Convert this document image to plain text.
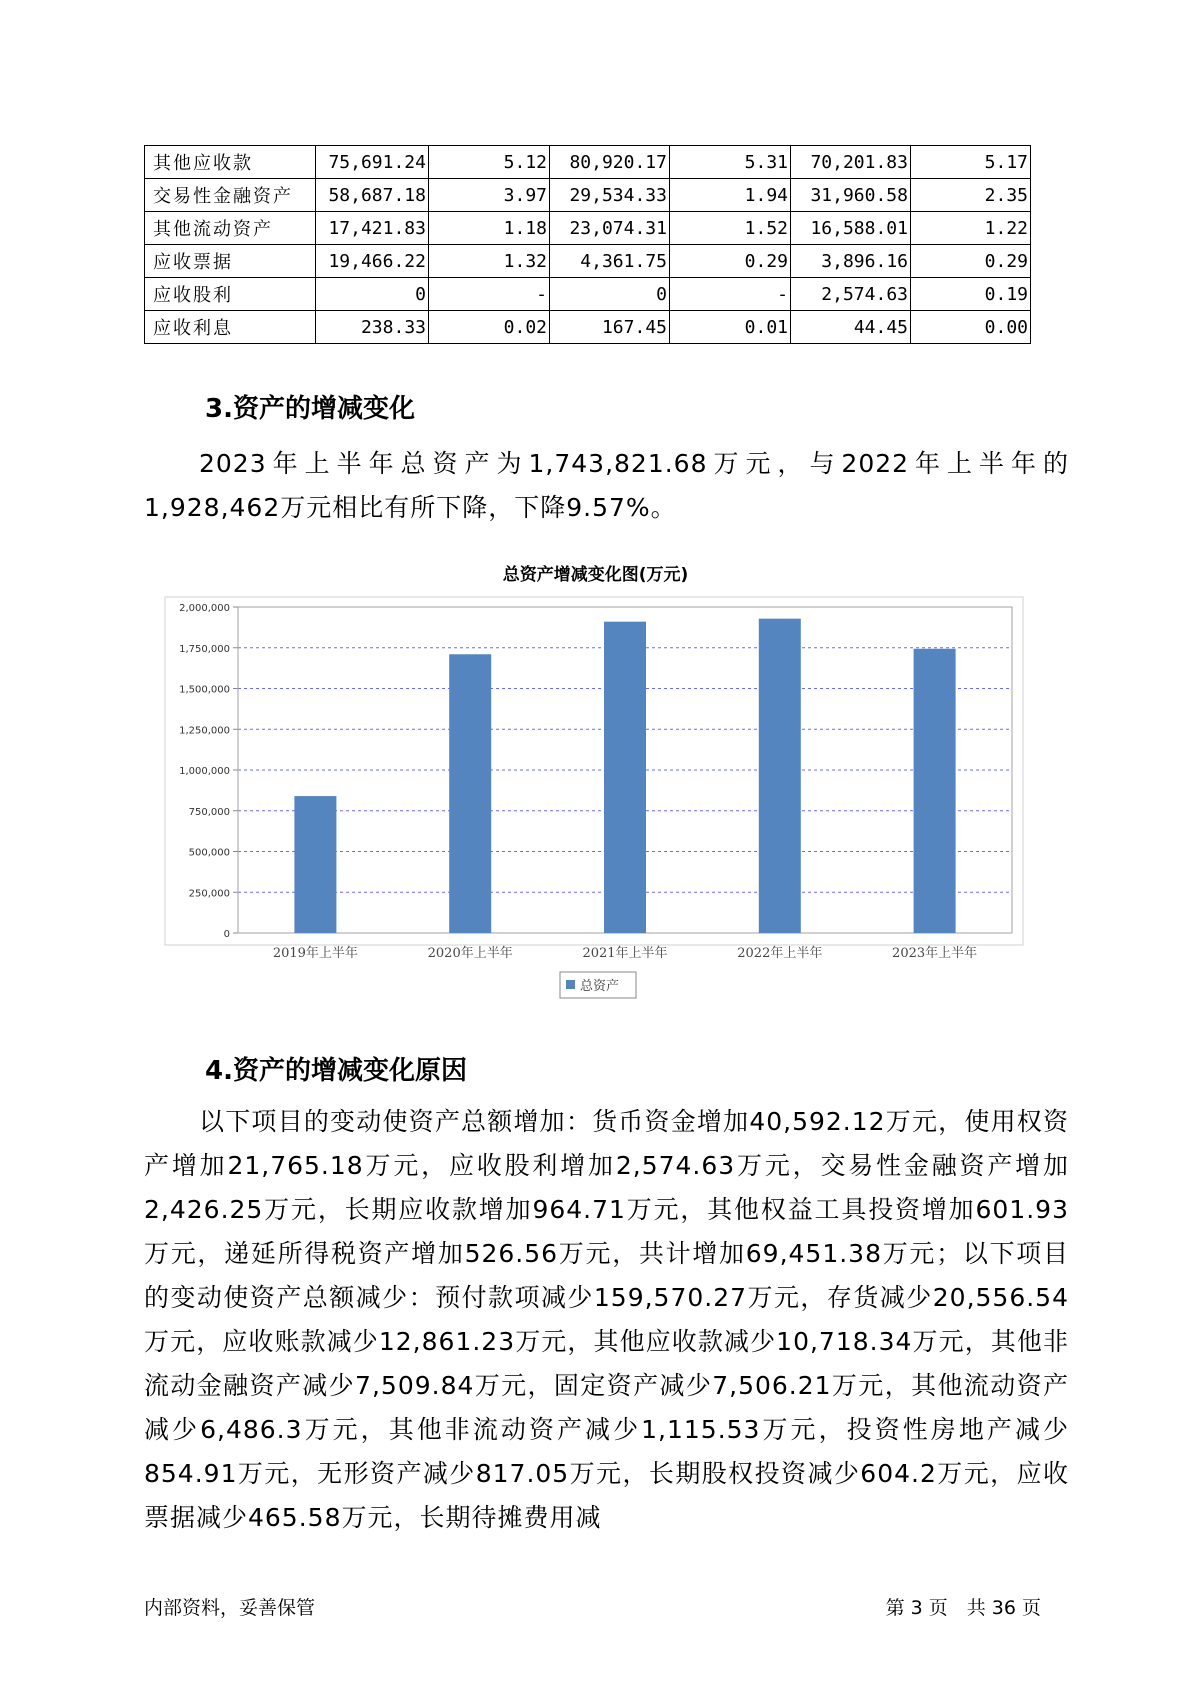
其他应收款	75,691.24	5.12	80,920.17	5.31	70,201.83	5.17
交易性金融资产	58,687.18	3.97	29,534.33	1.94	31,960.58	2.35
其他流动资产	17,421.83	1.18	23,074.31	1.52	16,588.01	1.22
应收票据	19,466.22	1.32	4,361.75	0.29	3,896.16	0.29
应收股利	0	-	0	-	2,574.63	0.19
应收利息	238.33	0.02	167.45	0.01	44.45	0.00
3.资产的增减变化
2023年上半年总资产为1,743,821.68万元，与2022年上半年的1,928,462万元相比有所下降，下降9.57%。
总资产增减变化图(万元)
0
250,000
500,000
750,000
1,000,000
1,250,000
1,500,000
1,750,000
2,000,000
2019年上半年	2020年上半年	2021年上半年	2022年上半年	2023年上半年
总资产
4.资产的增减变化原因
以下项目的变动使资产总额增加：货币资金增加40,592.12万元，使用权资产增加21,765.18万元，应收股利增加2,574.63万元，交易性金融资产增加2,426.25万元，长期应收款增加964.71万元，其他权益工具投资增加601.93万元，递延所得税资产增加526.56万元，共计增加69,451.38万元；以下项目的变动使资产总额减少：预付款项减少159,570.27万元，存货减少20,556.54万元，应收账款减少12,861.23万元，其他应收款减少10,718.34万元，其他非流动金融资产减少7,509.84万元，固定资产减少7,506.21万元，其他流动资产减少6,486.3万元，其他非流动资产减少1,115.53万元，投资性房地产减少854.91万元，无形资产减少817.05万元，长期股权投资减少604.2万元，应收票据减少465.58万元，长期待摊费用减
内部资料，妥善保管	第 3 页　共 36 页
